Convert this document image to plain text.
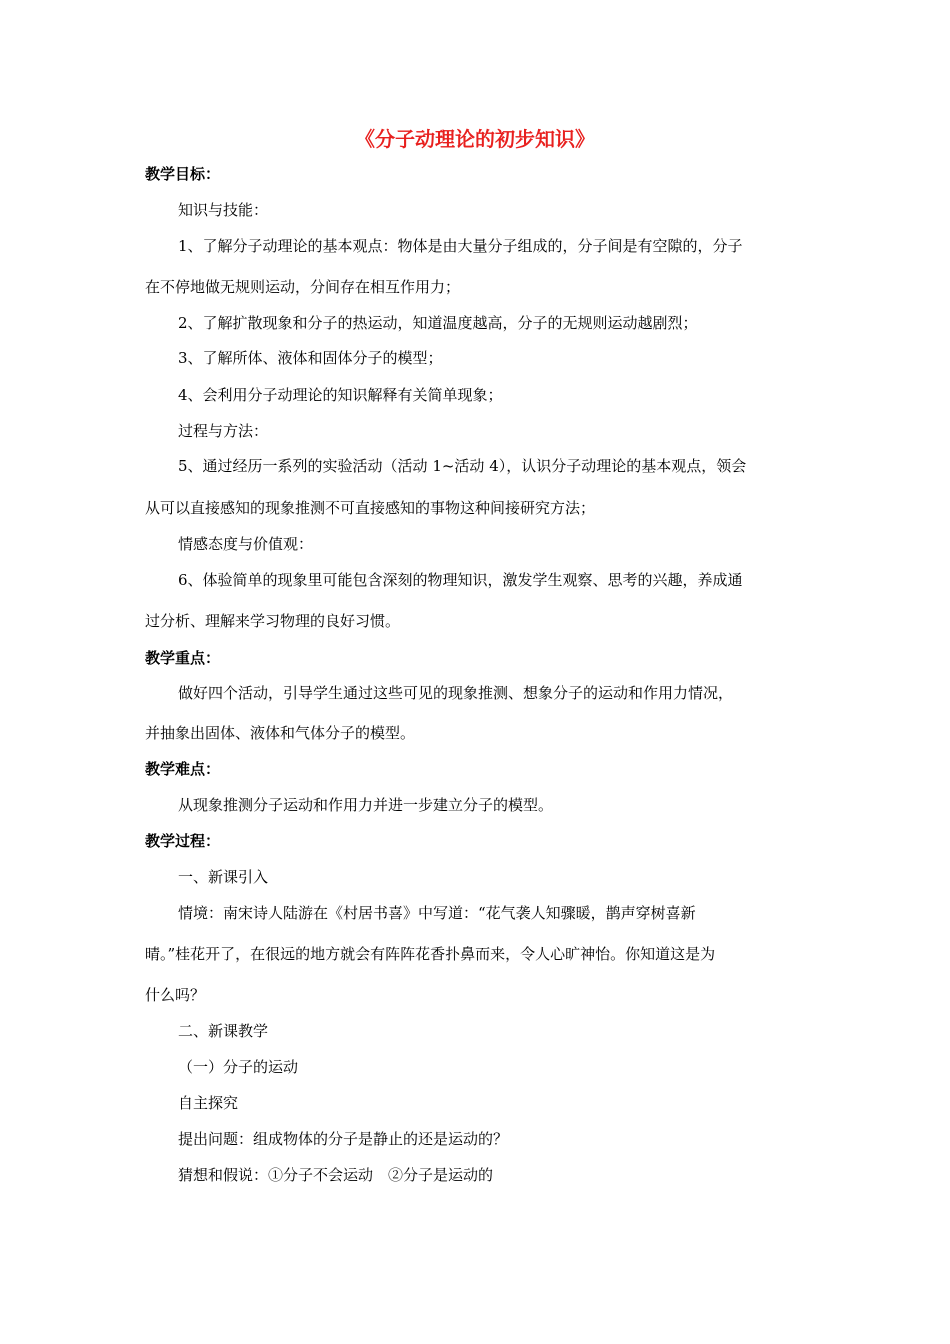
《分子动理论的初步知识》
教学目标：
知识与技能：
1、了解分子动理论的基本观点：物体是由大量分子组成的，分子间是有空隙的，分子
在不停地做无规则运动，分间存在相互作用力；
2、了解扩散现象和分子的热运动，知道温度越高，分子的无规则运动越剧烈；
3、了解所体、液体和固体分子的模型；
4、会利用分子动理论的知识解释有关简单现象；
过程与方法：
5、通过经历一系列的实验活动（活动 1~活动 4），认识分子动理论的基本观点，领会
从可以直接感知的现象推测不可直接感知的事物这种间接研究方法；
情感态度与价值观：
6、体验简单的现象里可能包含深刻的物理知识，激发学生观察、思考的兴趣，养成通
过分析、理解来学习物理的良好习惯。
教学重点：
做好四个活动，引导学生通过这些可见的现象推测、想象分子的运动和作用力情况，
并抽象出固体、液体和气体分子的模型。
教学难点：
从现象推测分子运动和作用力并进一步建立分子的模型。
教学过程：
一、新课引入
情境：南宋诗人陆游在《村居书喜》中写道：“花气袭人知骤暖，鹊声穿树喜新
晴。”桂花开了，在很远的地方就会有阵阵花香扑鼻而来，令人心旷神怡。你知道这是为
什么吗？
二、新课教学
（一）分子的运动
自主探究
提出问题：组成物体的分子是静止的还是运动的？
猜想和假说：①分子不会运动　②分子是运动的
